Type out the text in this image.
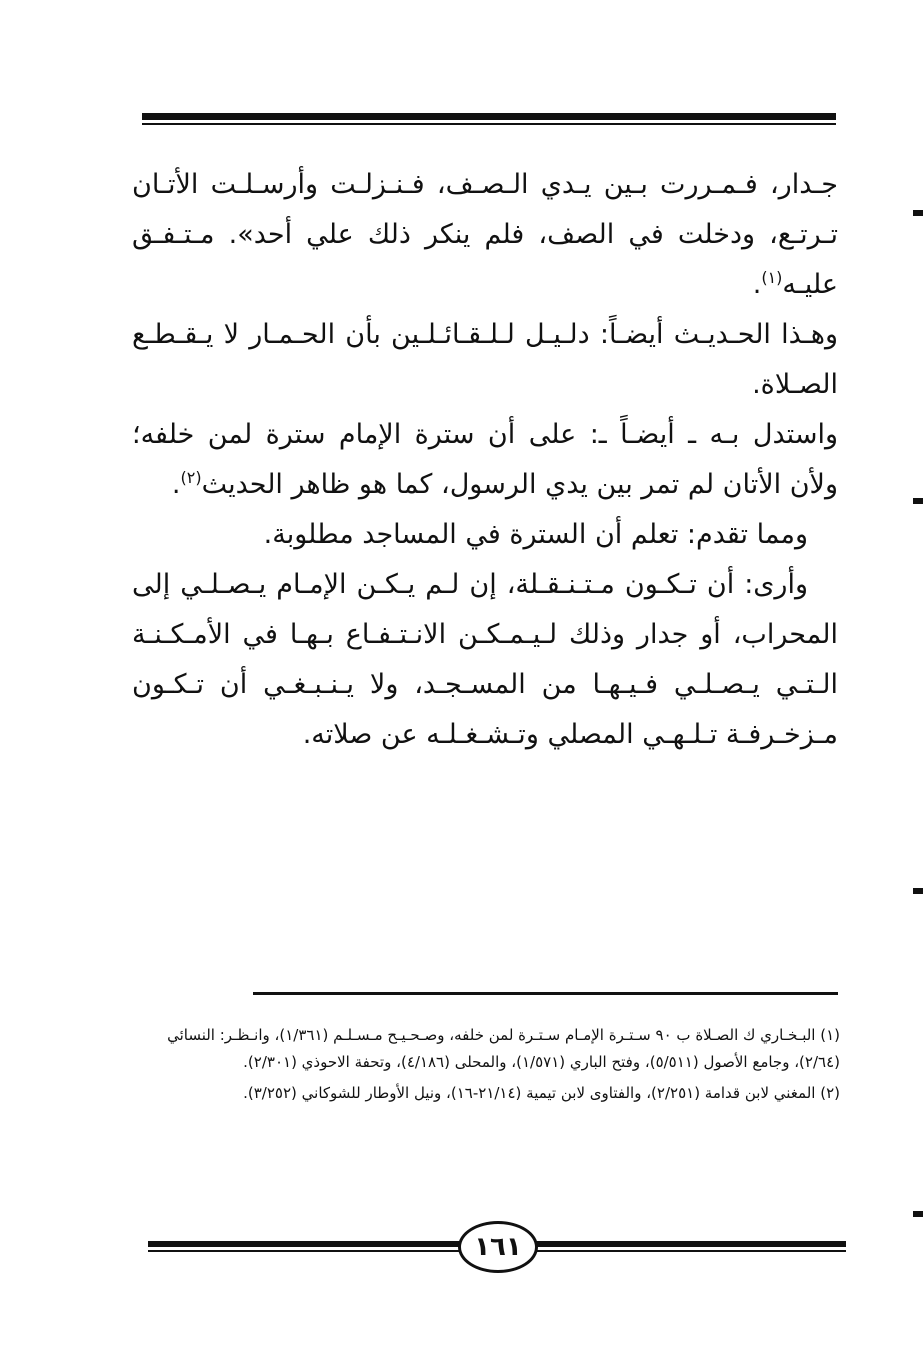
جـدار، فـمـررت بـين يـدي الـصـف، فـنـزلـت وأرسـلـت الأتـان تـرتـع، ودخلت في الصف، فلم ينكر ذلك علي أحد». مـتـفـق عليـه$^{(١)}$.

وهـذا الحـديـث أيضـاً: دلـيـل لـلـقـائـلـين بأن الحـمـار لا يـقـطـع الصـلاة.

واستدل بـه ـ أيضـاً ـ: على أن سترة الإمام سترة لمن خلفه؛ ولأن الأتان لم تمر بين يدي الرسول، كما هو ظاهر الحديث$^{(٢)}$.

ومما تقدم: تعلم أن السترة في المساجد مطلوبة.

وأرى: أن تـكـون مـتـنـقـلة، إن لـم يـكـن الإمـام يـصـلـي إلى المحراب، أو جدار وذلك لـيـمـكـن الانـتـفـاع بـهـا في الأمـكـنـة الـتـي يـصـلـي فـيـهـا من المسـجـد، ولا يـنـبـغـي أن تـكـون مـزخـرفـة تـلـهـي المصلي وتـشـغـلـه عن صلاته.

(١) البـخـاري ك الصـلاة ب ٩٠ سـتـرة الإمـام سـتـرة لمن خلفه، وصـحـيـح مـسـلـم (١/٣٦١)، وانـظـر: النسائي (٢/٦٤)، وجامع الأصول (٥/٥١١)، وفتح الباري (١/٥٧١)، والمحلى (٤/١٨٦)، وتحفة الاحوذي (٢/٣٠١).

(٢) المغني لابن قدامة (٢/٢٥١)، والفتاوى لابن تيمية (٢١/١٤-١٦)، ونيل الأوطار للشوكاني (٣/٢٥٢).

١٦١
